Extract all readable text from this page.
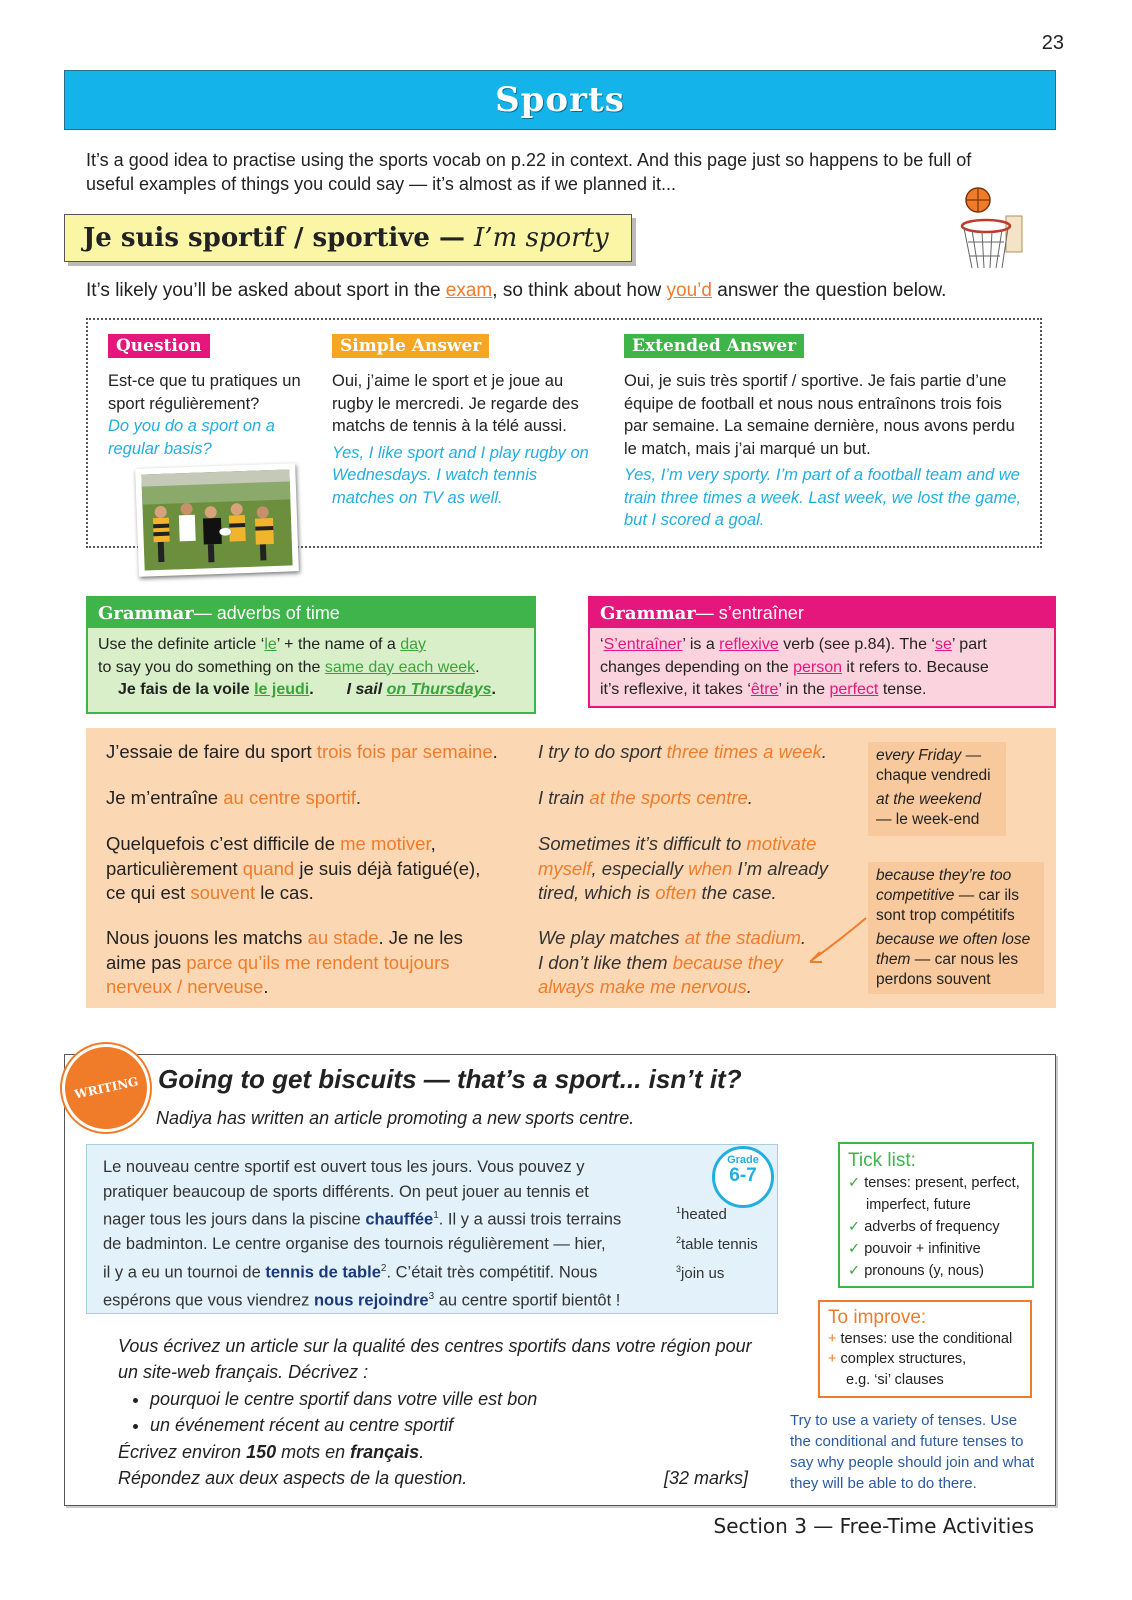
23
Sports
It’s a good idea to practise using the sports vocab on p.22 in context. And this page just so happens to be full of useful examples of things you could say — it’s almost as if we planned it...
Je suis sportif / sportive —
I’m sporty
It’s likely you’ll be asked about sport in the exam, so think about how you’d answer the question below.
Question
Est-ce que tu pratiques un sport régulièrement?
Do you do a sport on a regular basis?
Simple Answer
Oui, j’aime le sport et je joue au rugby le mercredi. Je regarde des matchs de tennis à la télé aussi.
Yes, I like sport and I play rugby on Wednesdays. I watch tennis matches on TV as well.
Extended Answer
Oui, je suis très sportif / sportive. Je fais partie d’une équipe de football et nous nous entraînons trois fois par semaine. La semaine dernière, nous avons perdu le match, mais j’ai marqué un but.
Yes, I’m very sporty. I’m part of a football team and we train three times a week. Last week, we lost the game, but I scored a goal.
Grammar — adverbs of time
Use the definite article ‘le’ + the name of a day
to say you do something on the same day each week.
Je fais de la voile le jeudi. I sail on Thursdays.
Grammar — s’entraîner
‘S’entraîner’ is a reflexive verb (see p.84). The ‘se’ part
changes depending on the person it refers to. Because
it’s reflexive, it takes ‘être’ in the perfect tense.
J’essaie de faire du sport trois fois par semaine.	I try to do sport three times a week.
Je m’entraîne au centre sportif.	I train at the sports centre.
Quelquefois c’est difficile de me motiver,
particulièrement quand je suis déjà fatigué(e),
ce qui est souvent le cas.
Sometimes it’s difficult to motivate
myself, especially when I’m already
tired, which is often the case.
Nous jouons les matchs au stade. Je ne les
aime pas parce qu’ils me rendent toujours
nerveux / nerveuse.
We play matches at the stadium.
I don’t like them because they
always make me nervous.
every Friday —
chaque vendredi
at the weekend
— le week-end
because they’re too
competitive — car ils
sont trop compétitifs
because we often lose
them — car nous les
perdons souvent
WRITING Going to get biscuits — that’s a sport... isn’t it?
Nadiya has written an article promoting a new sports centre.
Le nouveau centre sportif est ouvert tous les jours. Vous pouvez y
pratiquer beaucoup de sports différents. On peut jouer au tennis et
nager tous les jours dans la piscine chauffée$^1$. Il y a aussi trois terrains
de badminton. Le centre organise des tournois régulièrement — hier,
il y a eu un tournoi de tennis de table$^2$. C’était très compétitif. Nous
espérons que vous viendrez nous rejoindre$^3$ au centre sportif bientôt !
Grade
6-7
$^1$heated
$^2$table tennis
$^3$join us
Vous écrivez un article sur la qualité des centres sportifs dans votre région pour un site-web français. Décrivez :
• pourquoi le centre sportif dans votre ville est bon
• un événement récent au centre sportif
Écrivez environ 150 mots en français.
Répondez aux deux aspects de la question.	[32 marks]
Tick list:
✓ tenses: present, perfect,
imperfect, future
✓ adverbs of frequency
✓ pouvoir + infinitive
✓ pronouns (y, nous)
To improve:
+ tenses: use the conditional
+ complex structures,
e.g. ‘si’ clauses
Try to use a variety of tenses. Use the conditional and future tenses to say why people should join and what they will be able to do there.
Section 3 — Free-Time Activities
